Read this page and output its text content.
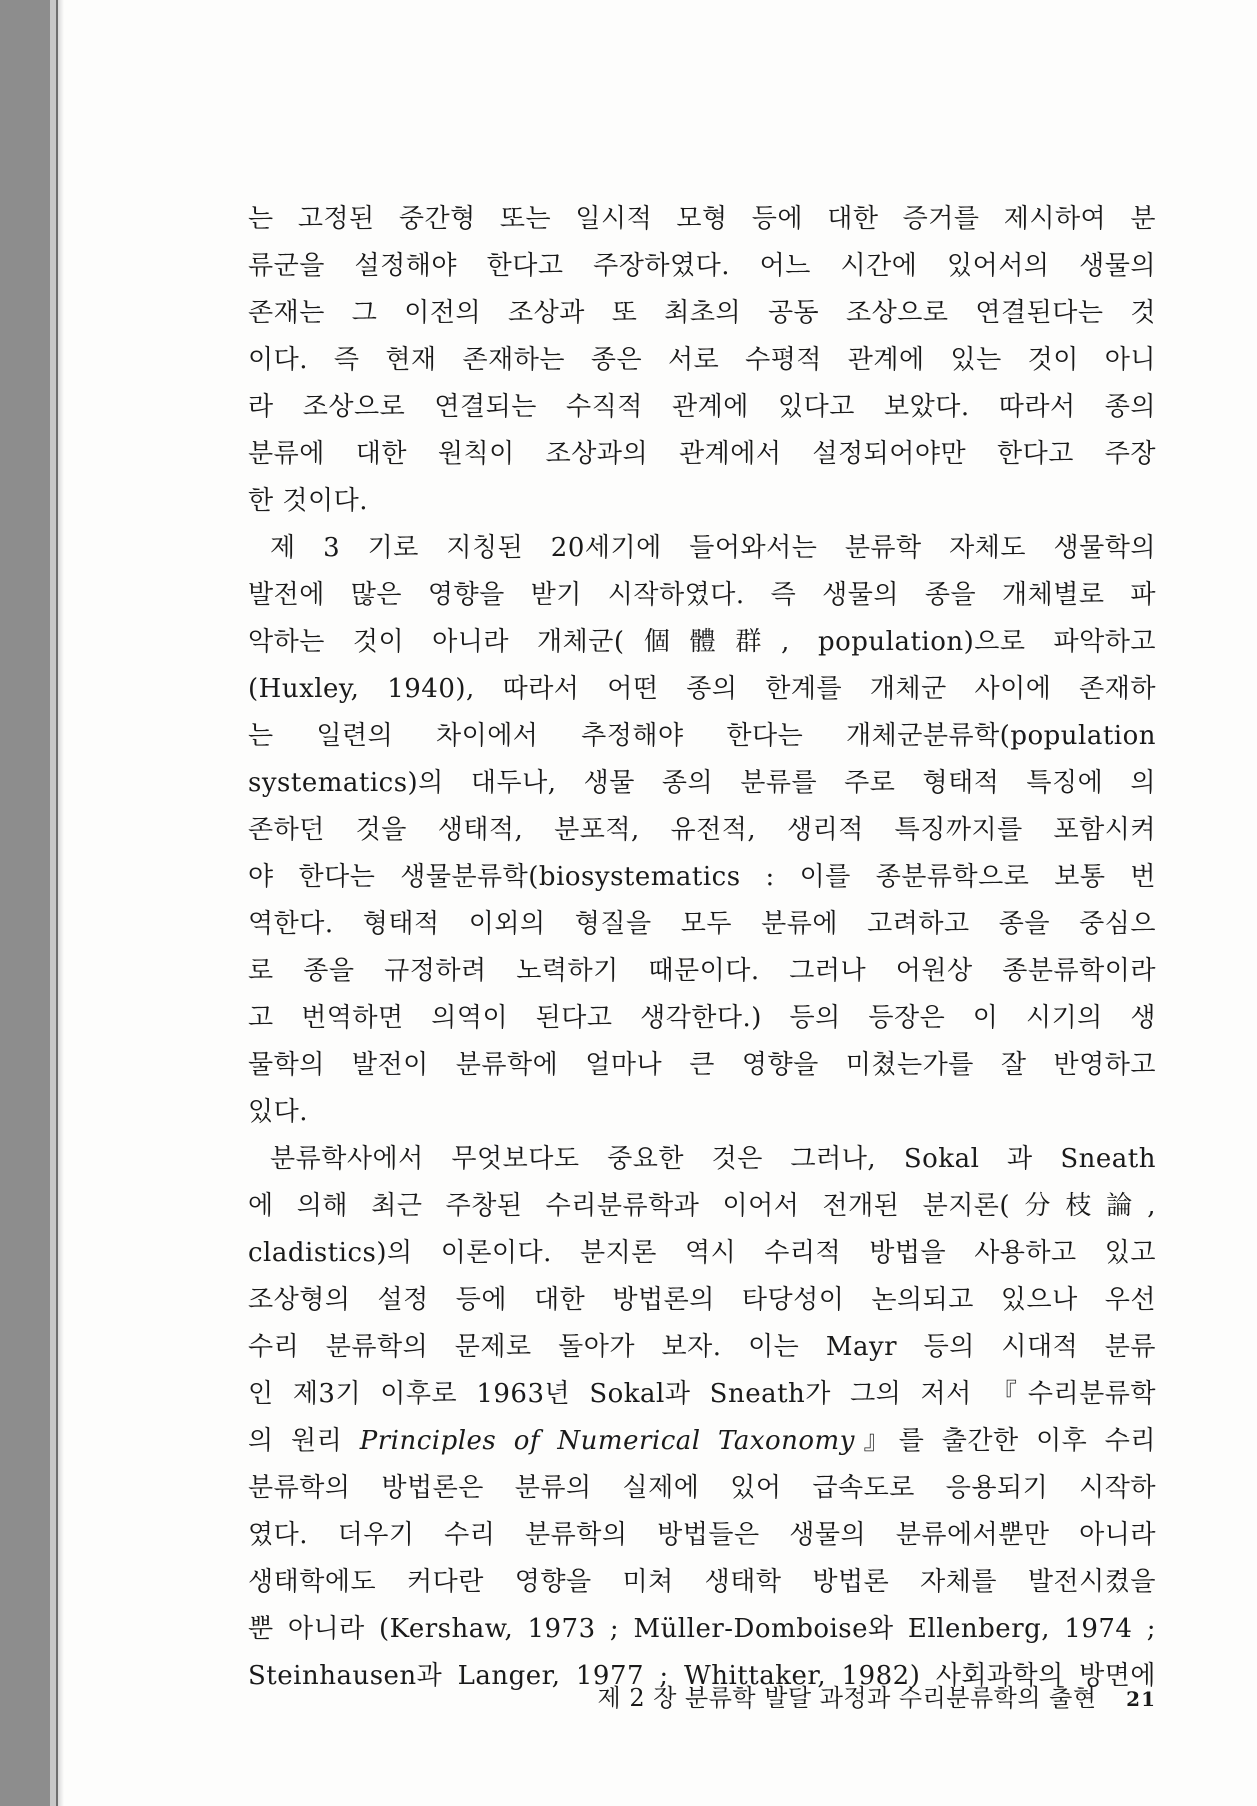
는 고정된 중간형 또는 일시적 모형 등에 대한 증거를 제시하여 분
류군을 설정해야 한다고 주장하였다. 어느 시간에 있어서의 생물의
존재는 그 이전의 조상과 또 최초의 공동 조상으로 연결된다는 것
이다. 즉 현재 존재하는 종은 서로 수평적 관계에 있는 것이 아니
라 조상으로 연결되는 수직적 관계에 있다고 보았다. 따라서 종의
분류에 대한 원칙이 조상과의 관계에서 설정되어야만 한다고 주장
한 것이다.
제 3 기로 지칭된 20세기에 들어와서는 분류학 자체도 생물학의
발전에 많은 영향을 받기 시작하였다. 즉 생물의 종을 개체별로 파
악하는 것이 아니라 개체군(個體群, population)으로 파악하고
(Huxley, 1940), 따라서 어떤 종의 한계를 개체군 사이에 존재하
는 일련의 차이에서 추정해야 한다는 개체군분류학(population
systematics)의 대두나, 생물 종의 분류를 주로 형태적 특징에 의
존하던 것을 생태적, 분포적, 유전적, 생리적 특징까지를 포함시켜
야 한다는 생물분류학(biosystematics : 이를 종분류학으로 보통 번
역한다. 형태적 이외의 형질을 모두 분류에 고려하고 종을 중심으
로 종을 규정하려 노력하기 때문이다. 그러나 어원상 종분류학이라
고 번역하면 의역이 된다고 생각한다.) 등의 등장은 이 시기의 생
물학의 발전이 분류학에 얼마나 큰 영향을 미쳤는가를 잘 반영하고
있다.
분류학사에서 무엇보다도 중요한 것은 그러나, Sokal 과 Sneath
에 의해 최근 주창된 수리분류학과 이어서 전개된 분지론(分枝論,
cladistics)의 이론이다. 분지론 역시 수리적 방법을 사용하고 있고
조상형의 설정 등에 대한 방법론의 타당성이 논의되고 있으나 우선
수리 분류학의 문제로 돌아가 보자. 이는 Mayr 등의 시대적 분류
인 제3기 이후로 1963년 Sokal과 Sneath가 그의 저서 『수리분류학
의 원리 Principles of Numerical Taxonomy』를 출간한 이후 수리
분류학의 방법론은 분류의 실제에 있어 급속도로 응용되기 시작하
였다. 더우기 수리 분류학의 방법들은 생물의 분류에서뿐만 아니라
생태학에도 커다란 영향을 미쳐 생태학 방법론 자체를 발전시켰을
뿐 아니라 (Kershaw, 1973 ; Müller-Domboise와 Ellenberg, 1974 ;
Steinhausen과 Langer, 1977 ; Whittaker, 1982) 사회과학의 방면에
제 2 장 분류학 발달 과정과 수리분류학의 출현 21
